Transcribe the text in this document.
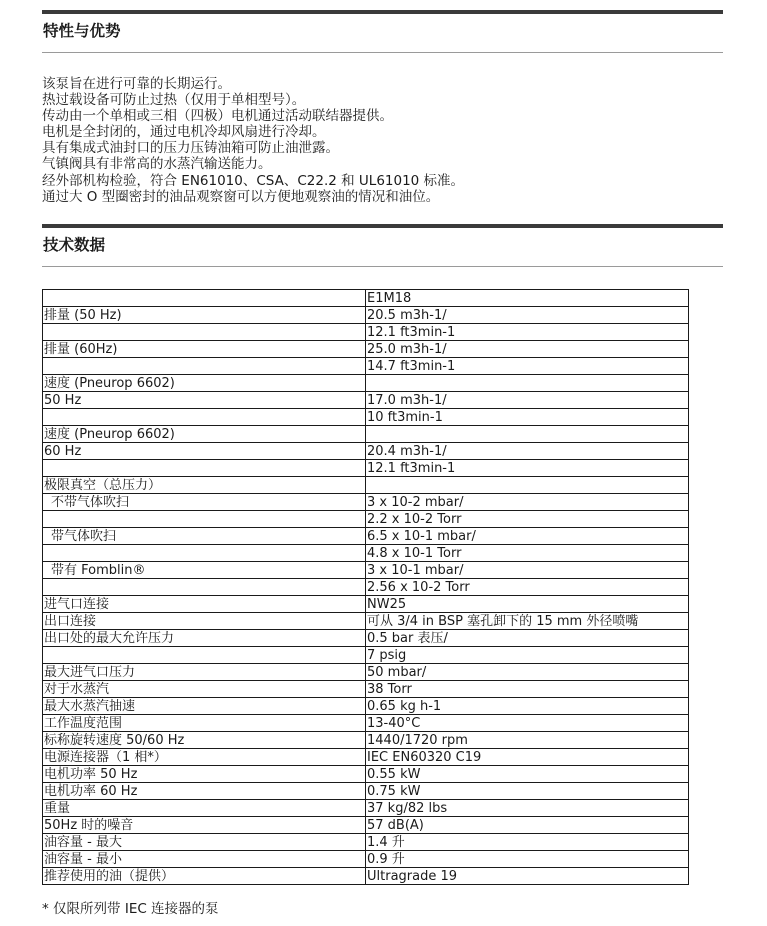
特性与优势
该泵旨在进行可靠的长期运行。
热过载设备可防止过热（仅用于单相型号）。
传动由一个单相或三相（四极）电机通过活动联结器提供。
电机是全封闭的，通过电机冷却风扇进行冷却。
具有集成式油封口的压力压铸油箱可防止油泄露。
气镇阀具有非常高的水蒸汽输送能力。
经外部机构检验，符合 EN61010、CSA、C22.2 和 UL61010 标准。
通过大 O 型圈密封的油品观察窗可以方便地观察油的情况和油位。
技术数据
	E1M18
排量 (50 Hz)	20.5 m3h-1/
	12.1 ft3min-1
排量 (60Hz)	25.0 m3h-1/
	14.7 ft3min-1
速度 (Pneurop 6602)	
50 Hz	17.0 m3h-1/
	10 ft3min-1
速度 (Pneurop 6602)	
60 Hz	20.4 m3h-1/
	12.1 ft3min-1
极限真空（总压力）	
不带气体吹扫	3 x 10-2 mbar/
	2.2 x 10-2 Torr
带气体吹扫	6.5 x 10-1 mbar/
	4.8 x 10-1 Torr
带有 Fomblin®	3 x 10-1 mbar/
	2.56 x 10-2 Torr
进气口连接	NW25
出口连接	可从 3/4 in BSP 塞孔卸下的 15 mm 外径喷嘴
出口处的最大允许压力	0.5 bar 表压/
	7 psig
最大进气口压力	50 mbar/
对于水蒸汽	38 Torr
最大水蒸汽抽速	0.65 kg h-1
工作温度范围	13-40°C
标称旋转速度 50/60 Hz	1440/1720 rpm
电源连接器（1 相*）	IEC EN60320 C19
电机功率 50 Hz	0.55 kW
电机功率 60 Hz	0.75 kW
重量	37 kg/82 lbs
50Hz 时的噪音	57 dB(A)
油容量 - 最大	1.4 升
油容量 - 最小	0.9 升
推荐使用的油（提供）	Ultragrade 19
* 仅限所列带 IEC 连接器的泵
